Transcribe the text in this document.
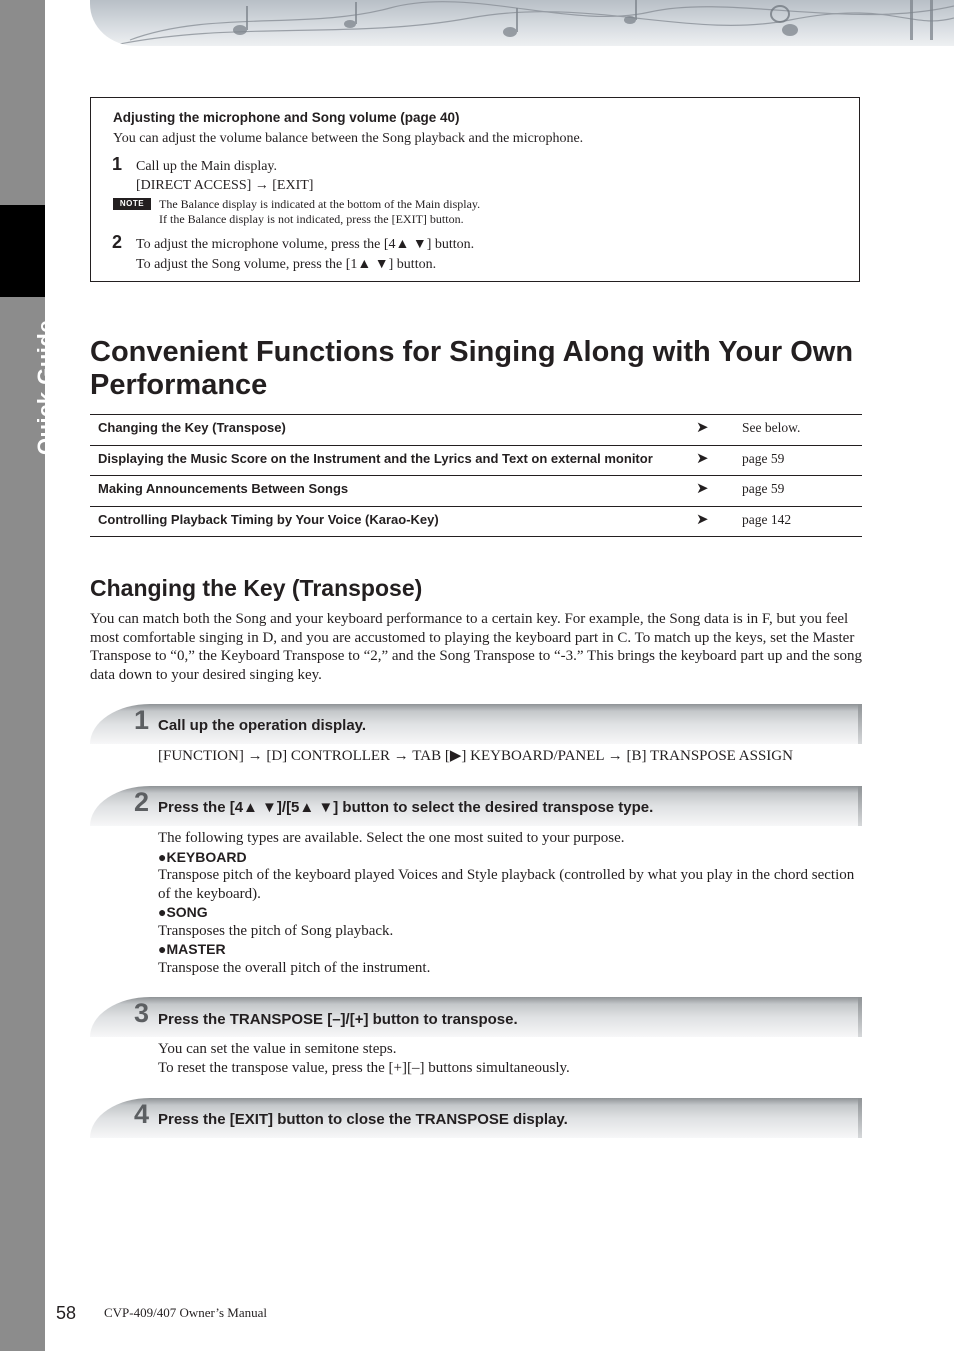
Quick Guide
Adjusting the microphone and Song volume (page 40)
You can adjust the volume balance between the Song playback and the microphone.
1 Call up the Main display.
[DIRECT ACCESS] → [EXIT]
NOTE	The Balance display is indicated at the bottom of the Main display.
If the Balance display is not indicated, press the [EXIT] button.
2 To adjust the microphone volume, press the [4▲ ▼] button.
To adjust the Song volume, press the [1▲ ▼] button.
Convenient Functions for Singing Along with Your Own Performance
Changing the Key (Transpose)	➤ See below.
Displaying the Music Score on the Instrument and the Lyrics and Text on external monitor	➤ page 59
Making Announcements Between Songs	➤ page 59
Controlling Playback Timing by Your Voice (Karao-Key)	➤ page 142
Changing the Key (Transpose)
You can match both the Song and your keyboard performance to a certain key. For example, the Song data is in F, but you feel most comfortable singing in D, and you are accustomed to playing the keyboard part in C. To match up the keys, set the Master Transpose to “0,” the Keyboard Transpose to “2,” and the Song Transpose to “-3.” This brings the keyboard part up and the song data down to your desired singing key.
1 Call up the operation display.
[FUNCTION] → [D] CONTROLLER → TAB [▶] KEYBOARD/PANEL → [B] TRANSPOSE ASSIGN
2 Press the [4▲ ▼]/[5▲ ▼] button to select the desired transpose type.
The following types are available. Select the one most suited to your purpose.
●KEYBOARD
Transpose pitch of the keyboard played Voices and Style playback (controlled by what you play in the chord section of the keyboard).
●SONG
Transposes the pitch of Song playback.
●MASTER
Transpose the overall pitch of the instrument.
3 Press the TRANSPOSE [–]/[+] button to transpose.
You can set the value in semitone steps.
To reset the transpose value, press the [+][–] buttons simultaneously.
4 Press the [EXIT] button to close the TRANSPOSE display.
58 CVP-409/407 Owner’s Manual
